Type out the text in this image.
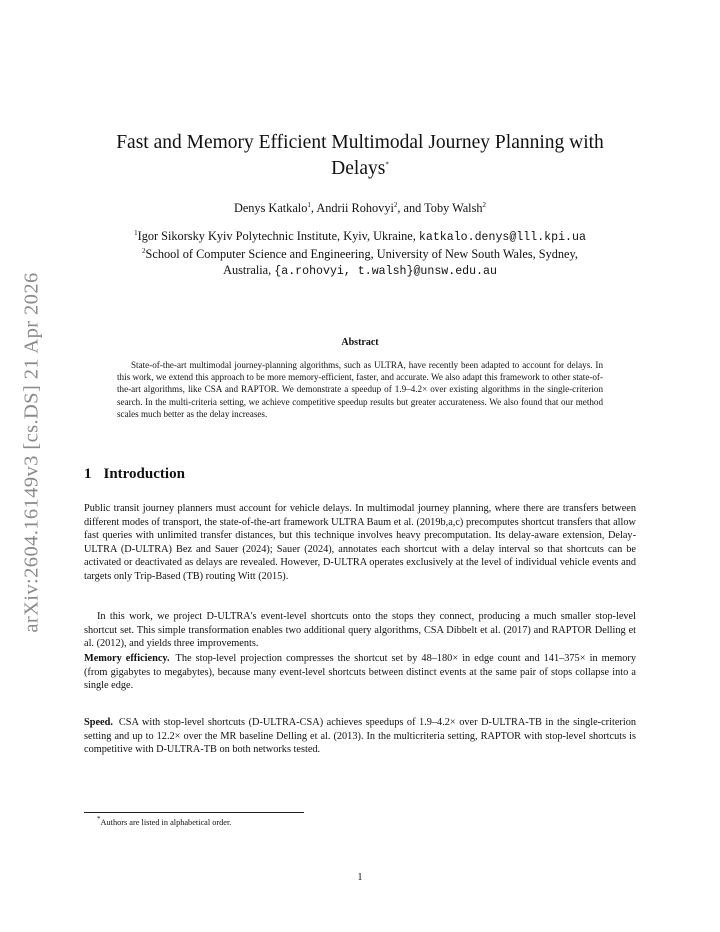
arXiv:2604.16149v3 [cs.DS] 21 Apr 2026
Fast and Memory Efficient Multimodal Journey Planning with Delays*
Denys Katkalo$^1$, Andrii Rohovyi$^2$, and Toby Walsh$^2$
$^1$Igor Sikorsky Kyiv Polytechnic Institute, Kyiv, Ukraine, katkalo.denys@lll.kpi.ua
$^2$School of Computer Science and Engineering, University of New South Wales, Sydney,
Australia, {a.rohovyi, t.walsh}@unsw.edu.au
Abstract

State-of-the-art multimodal journey-planning algorithms, such as ULTRA, have recently been adapted to account for delays. In this work, we extend this approach to be more memory-efficient, faster, and accurate. We also adapt this framework to other state-of-the-art algorithms, like CSA and RAPTOR. We demonstrate a speedup of 1.9–4.2× over existing algorithms in the single-criterion search. In the multi-criteria setting, we achieve competitive speedup results but greater accurateness. We also found that our method scales much better as the delay increases.

1 Introduction

Public transit journey planners must account for vehicle delays. In multimodal journey planning, where there are transfers between different modes of transport, the state-of-the-art framework ULTRA Baum et al. (2019b,a,c) precomputes shortcut transfers that allow fast queries with unlimited transfer distances, but this technique involves heavy precomputation. Its delay-aware extension, Delay-ULTRA (D-ULTRA) Bez and Sauer (2024); Sauer (2024), annotates each shortcut with a delay interval so that shortcuts can be activated or deactivated as delays are revealed. However, D-ULTRA operates exclusively at the level of individual vehicle events and targets only Trip-Based (TB) routing Witt (2015).

In this work, we project D-ULTRA's event-level shortcuts onto the stops they connect, producing a much smaller stop-level shortcut set. This simple transformation enables two additional query algorithms, CSA Dibbelt et al. (2017) and RAPTOR Delling et al. (2012), and yields three improvements.

Memory efficiency. The stop-level projection compresses the shortcut set by 48–180× in edge count and 141–375× in memory (from gigabytes to megabytes), because many event-level shortcuts between distinct events at the same pair of stops collapse into a single edge.

Speed. CSA with stop-level shortcuts (D-ULTRA-CSA) achieves speedups of 1.9–4.2× over D-ULTRA-TB in the single-criterion setting and up to 12.2× over the MR baseline Delling et al. (2013). In the multicriteria setting, RAPTOR with stop-level shortcuts is competitive with D-ULTRA-TB on both networks tested.

*Authors are listed in alphabetical order.
1
